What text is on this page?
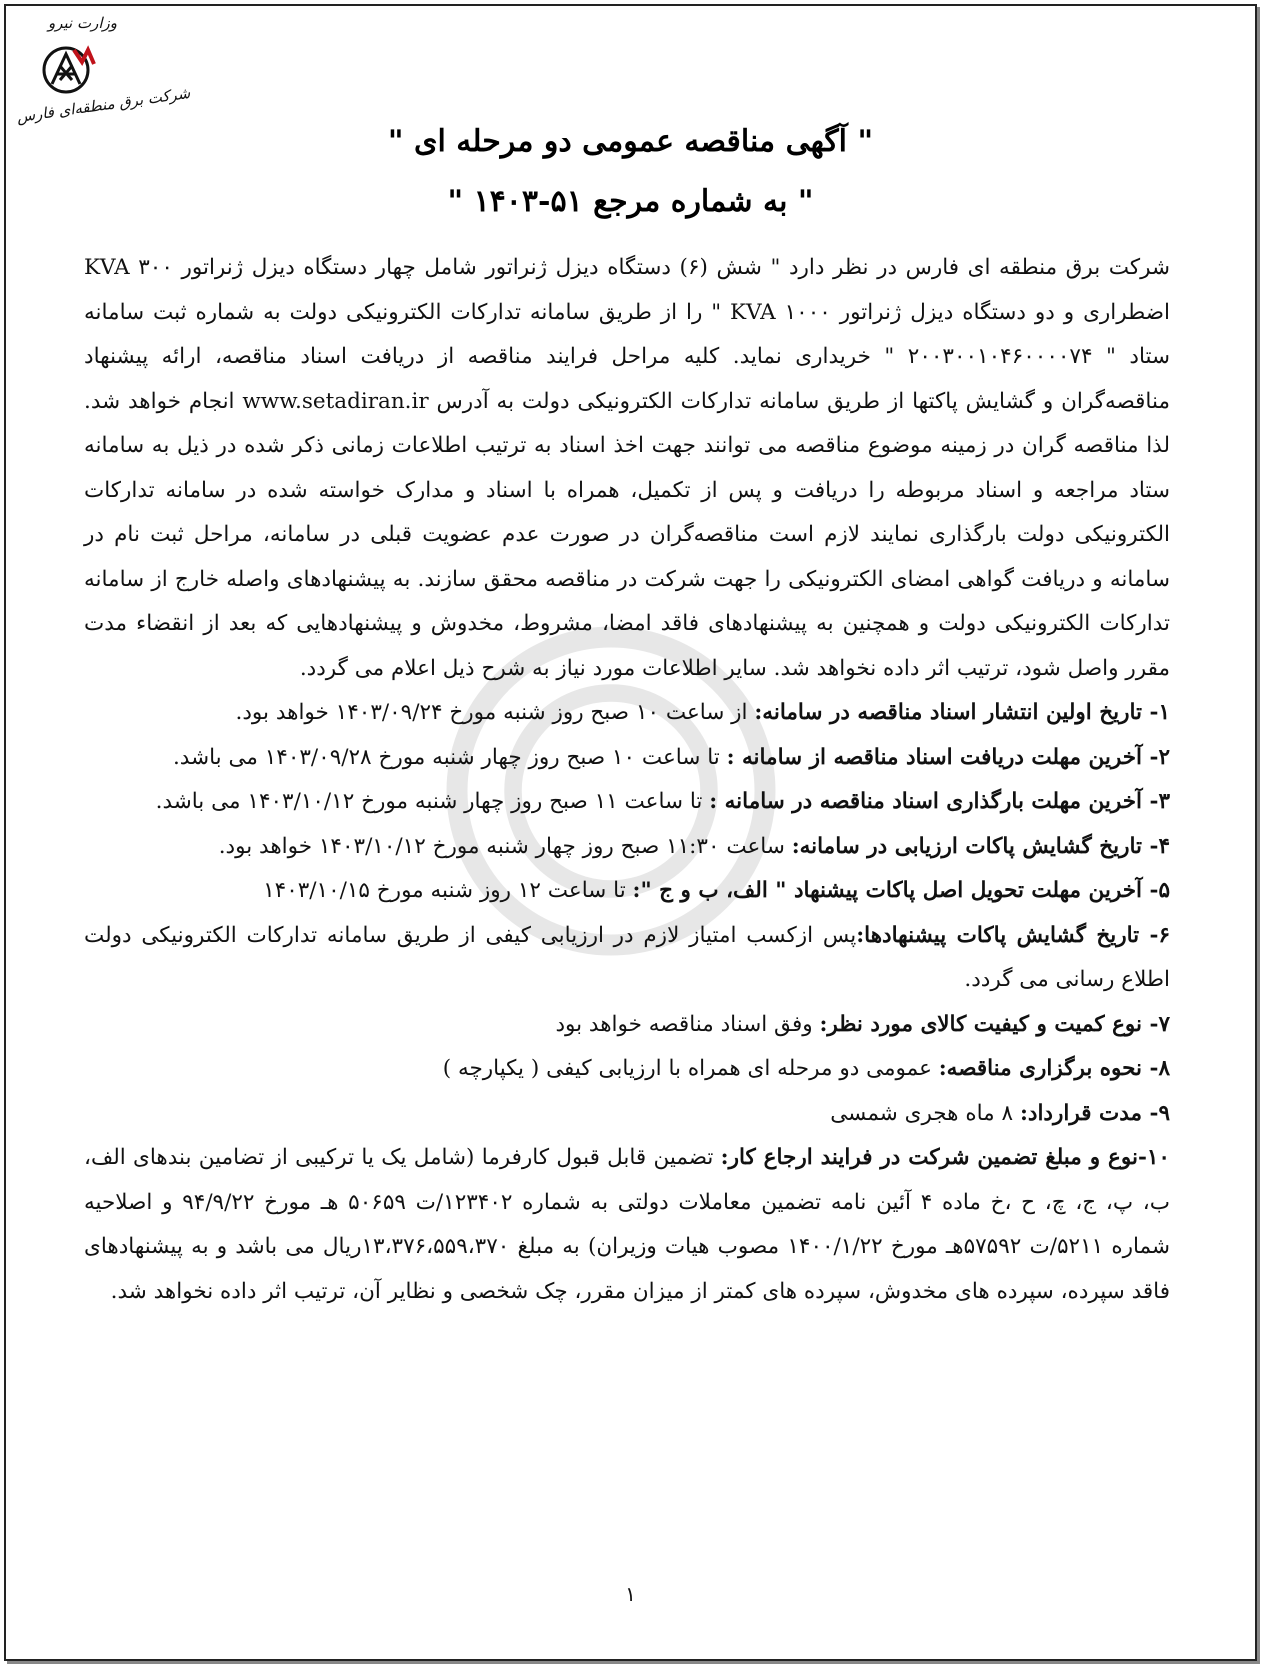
وزارت نیرو
شرکت برق منطقه‌ای فارس
" آگهی مناقصه عمومی دو مرحله ای "
" به شماره مرجع ۵۱-۱۴۰۳ "

شرکت برق منطقه ای فارس در نظر دارد " شش (۶) دستگاه دیزل ژنراتور شامل چهار دستگاه دیزل ژنراتور ۳۰۰ KVA اضطراری و دو دستگاه دیزل ژنراتور ۱۰۰۰ KVA " را از طریق سامانه تدارکات الکترونیکی دولت به شماره ثبت سامانه ستاد " ۲۰۰۳۰۰۱۰۴۶۰۰۰۰۷۴ " خریداری نماید. کلیه مراحل فرایند مناقصه از دریافت اسناد مناقصه، ارائه پیشنهاد مناقصه‌گران و گشایش پاکتها از طریق سامانه تدارکات الکترونیکی دولت به آدرس www.setadiran.ir انجام خواهد شد. لذا مناقصه گران در زمینه موضوع مناقصه می توانند جهت اخذ اسناد به ترتیب اطلاعات زمانی ذکر شده در ذیل به سامانه ستاد مراجعه و اسناد مربوطه را دریافت و پس از تکمیل، همراه با اسناد و مدارک خواسته شده در سامانه تدارکات الکترونیکی دولت بارگذاری نمایند لازم است مناقصه‌گران در صورت عدم عضویت قبلی در سامانه، مراحل ثبت نام در سامانه و دریافت گواهی امضای الکترونیکی را جهت شرکت در مناقصه محقق سازند. به پیشنهادهای واصله خارج از سامانه تدارکات الکترونیکی دولت و همچنین به پیشنهادهای فاقد امضا، مشروط، مخدوش و پیشنهادهایی که بعد از انقضاء مدت مقرر واصل شود، ترتیب اثر داده نخواهد شد. سایر اطلاعات مورد نیاز به شرح ذیل اعلام می گردد.

۱- تاریخ اولین انتشار اسناد مناقصه در سامانه: از ساعت ۱۰ صبح روز شنبه مورخ ۱۴۰۳/۰۹/۲۴ خواهد بود.

۲- آخرین مهلت دریافت اسناد مناقصه از سامانه : تا ساعت ۱۰ صبح روز چهار شنبه مورخ ۱۴۰۳/۰۹/۲۸ می باشد.

۳- آخرین مهلت بارگذاری اسناد مناقصه در سامانه : تا ساعت ۱۱ صبح روز چهار شنبه مورخ ۱۴۰۳/۱۰/۱۲ می باشد.

۴- تاریخ گشایش پاکات ارزیابی در سامانه: ساعت ۱۱:۳۰ صبح روز چهار شنبه مورخ ۱۴۰۳/۱۰/۱۲ خواهد بود.

۵- آخرین مهلت تحویل اصل پاکات پیشنهاد " الف، ب و ج ": تا ساعت ۱۲ روز شنبه مورخ ۱۴۰۳/۱۰/۱۵

۶- تاریخ گشایش پاکات پیشنهادها:پس ازکسب امتیاز لازم در ارزیابی کیفی از طریق سامانه تدارکات الکترونیکی دولت اطلاع رسانی می گردد.

۷- نوع کمیت و کیفیت کالای مورد نظر: وفق اسناد مناقصه خواهد بود

۸- نحوه برگزاری مناقصه: عمومی دو مرحله ای همراه با ارزیابی کیفی ( یکپارچه )

۹- مدت قرارداد: ۸ ماه هجری شمسی

۱۰-نوع و مبلغ تضمین شرکت در فرایند ارجاع کار: تضمین قابل قبول کارفرما (شامل یک یا ترکیبی از تضامین بندهای الف، ب، پ، ج، چ، ح ،خ ماده ۴ آئین نامه تضمین معاملات دولتی به شماره ۱۲۳۴۰۲/ت ۵۰۶۵۹ هـ مورخ ۹۴/۹/۲۲ و اصلاحیه شماره ۵۲۱۱/ت ۵۷۵۹۲هـ مورخ ۱۴۰۰/۱/۲۲ مصوب هیات وزیران) به مبلغ ۱۳،۳۷۶،۵۵۹،۳۷۰ریال می باشد و به پیشنهادهای فاقد سپرده، سپرده های مخدوش، سپرده های کمتر از میزان مقرر، چک شخصی و نظایر آن، ترتیب اثر داده نخواهد شد.

۱
